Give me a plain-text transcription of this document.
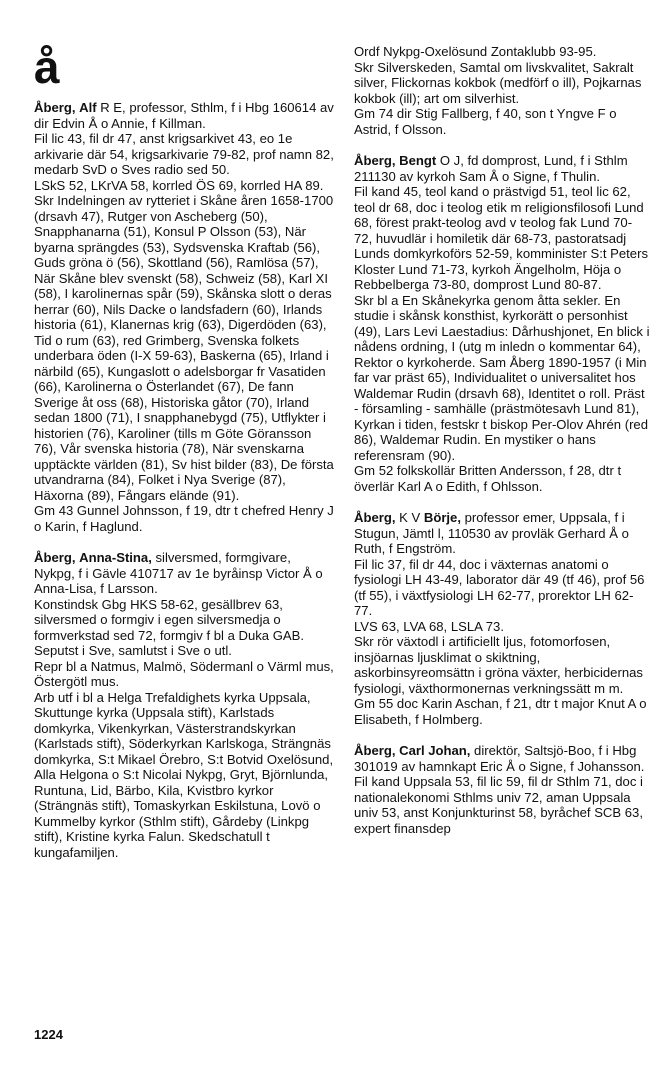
å

Åberg, Alf R E, professor, Sthlm, f i Hbg 160614 av dir Edvin Å o Annie, f Killman.

Fil lic 43, fil dr 47, anst krigsarkivet 43, eo 1e arkivarie där 54, krigsarkivarie 79-82, prof namn 82, medarb SvD o Sves radio sed 50.

LSkS 52, LKrVA 58, korrled ÖS 69, korrled HA 89.

Skr Indelningen av rytteriet i Skåne åren 1658-1700 (drsavh 47), Rutger von Ascheberg (50), Snapphanarna (51), Konsul P Olsson (53), När byarna sprängdes (53), Sydsvenska Kraftab (56), Guds gröna ö (56), Skottland (56), Ramlösa (57), När Skåne blev svenskt (58), Schweiz (58), Karl XI (58), I karolinernas spår (59), Skånska slott o deras herrar (60), Nils Dacke o landsfadern (60), Irlands historia (61), Klanernas krig (63), Digerdöden (63), Tid o rum (63), red Grimberg, Svenska folkets underbara öden (I-X 59-63), Baskerna (65), Irland i närbild (65), Kungaslott o adelsborgar fr Vasatiden (66), Karolinerna o Österlandet (67), De fann Sverige åt oss (68), Historiska gåtor (70), Irland sedan 1800 (71), I snapphanebygd (75), Utflykter i historien (76), Karoliner (tills m Göte Göransson 76), Vår svenska historia (78), När svenskarna upptäckte världen (81), Sv hist bilder (83), De första utvandrarna (84), Folket i Nya Sverige (87), Häxorna (89), Fångars elände (91).

Gm 43 Gunnel Johnsson, f 19, dtr t chefred Henry J o Karin, f Haglund.

Åberg, Anna-Stina, silversmed, formgivare, Nykpg, f i Gävle 410717 av 1e byråinsp Victor Å o Anna-Lisa, f Larsson.

Konstindsk Gbg HKS 58-62, gesällbrev 63, silversmed o formgiv i egen silversmedja o formverkstad sed 72, formgiv f bl a Duka GAB.

Seputst i Sve, samlutst i Sve o utl.

Repr bl a Natmus, Malmö, Södermanl o Värml mus, Östergötl mus.

Arb utf i bl a Helga Trefaldighets kyrka Uppsala, Skuttunge kyrka (Uppsala stift), Karlstads domkyrka, Vikenkyrkan, Västerstrandskyrkan (Karlstads stift), Söderkyrkan Karlskoga, Strängnäs domkyrka, S:t Mikael Örebro, S:t Botvid Oxelösund, Alla Helgona o S:t Nicolai Nykpg, Gryt, Björnlunda, Runtuna, Lid, Bärbo, Kila, Kvistbro kyrkor (Strängnäs stift), Tomaskyrkan Eskilstuna, Lovö o Kummelby kyrkor (Sthlm stift), Gårdeby (Linkpg stift), Kristine kyrka Falun. Skedschatull t kungafamiljen.

Ordf Nykpg-Oxelösund Zontaklubb 93-95.

Skr Silverskeden, Samtal om livskvalitet, Sakralt silver, Flickornas kokbok (medförf o ill), Pojkarnas kokbok (ill); art om silverhist.

Gm 74 dir Stig Fallberg, f 40, son t Yngve F o Astrid, f Olsson.

Åberg, Bengt O J, fd domprost, Lund, f i Sthlm 211130 av kyrkoh Sam Å o Signe, f Thulin.

Fil kand 45, teol kand o prästvigd 51, teol lic 62, teol dr 68, doc i teolog etik m religionsfilosofi Lund 68, förest prakt-teolog avd v teolog fak Lund 70-72, huvudlär i homiletik där 68-73, pastoratsadj Lunds domkyrkoförs 52-59, komminister S:t Peters Kloster Lund 71-73, kyrkoh Ängelholm, Höja o Rebbelberga 73-80, domprost Lund 80-87.

Skr bl a En Skånekyrka genom åtta sekler. En studie i skånsk konsthist, kyrkorätt o personhist (49), Lars Levi Laestadius: Dårhushjonet, En blick i nådens ordning, I (utg m inledn o kommentar 64), Rektor o kyrkoherde. Sam Åberg 1890-1957 (i Min far var präst 65), Individualitet o universalitet hos Waldemar Rudin (drsavh 68), Identitet o roll. Präst - församling - samhälle (prästmötesavh Lund 81), Kyrkan i tiden, festskr t biskop Per-Olov Ahrén (red 86), Waldemar Rudin. En mystiker o hans referensram (90).

Gm 52 folkskollär Britten Andersson, f 28, dtr t överlär Karl A o Edith, f Ohlsson.

Åberg, K V Börje, professor emer, Uppsala, f i Stugun, Jämtl l, 110530 av provläk Gerhard Å o Ruth, f Engström.

Fil lic 37, fil dr 44, doc i växternas anatomi o fysiologi LH 43-49, laborator där 49 (tf 46), prof 56 (tf 55), i växtfysiologi LH 62-77, prorektor LH 62-77.

LVS 63, LVA 68, LSLA 73.

Skr rör växtodl i artificiellt ljus, fotomorfosen, insjöarnas ljusklimat o skiktning, askorbinsyreomsättn i gröna växter, herbicidernas fysiologi, växthormonernas verkningssätt m m.

Gm 55 doc Karin Aschan, f 21, dtr t major Knut A o Elisabeth, f Holmberg.

Åberg, Carl Johan, direktör, Saltsjö-Boo, f i Hbg 301019 av hamnkapt Eric Å o Signe, f Johansson.

Fil kand Uppsala 53, fil lic 59, fil dr Sthlm 71, doc i nationalekonomi Sthlms univ 72, aman Uppsala univ 53, anst Konjunkturinst 58, byråchef SCB 63, expert finansdep

1224
